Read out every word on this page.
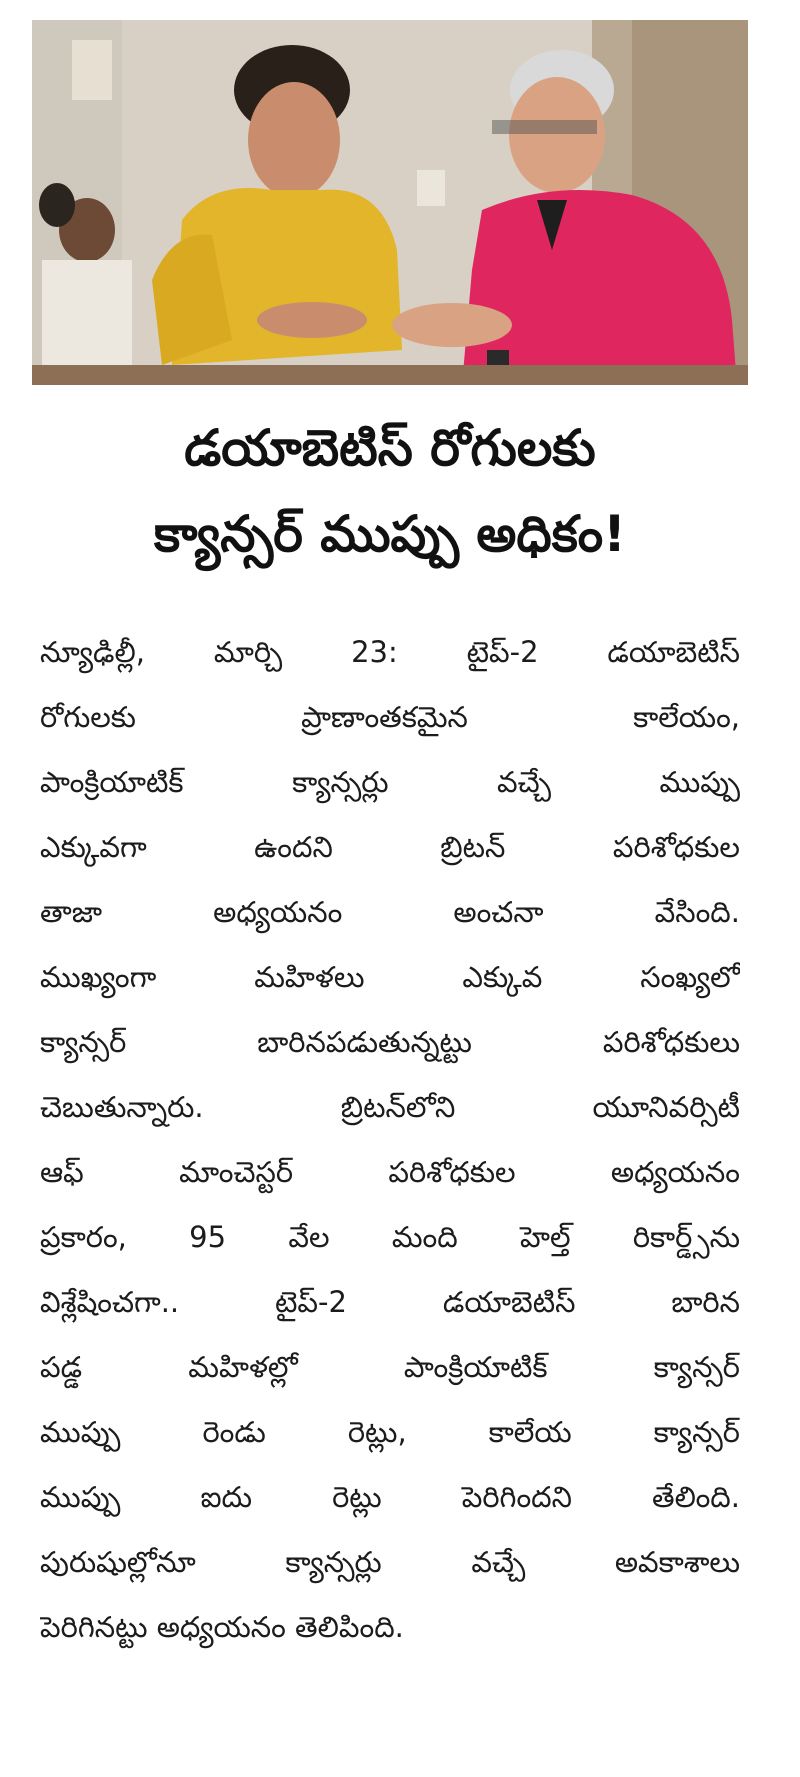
డయాబెటిస్ రోగులకు
క్యాన్సర్ ముప్పు అధికం!
న్యూఢిల్లీ, మార్చి 23: టైప్-2 డయాబెటిస్
రోగులకు ప్రాణాంతకమైన కాలేయం,
పాంక్రియాటిక్ క్యాన్సర్లు వచ్చే ముప్పు
ఎక్కువగా ఉందని బ్రిటన్ పరిశోధకుల
తాజా అధ్యయనం అంచనా వేసింది.
ముఖ్యంగా మహిళలు ఎక్కువ సంఖ్యలో
క్యాన్సర్ బారినపడుతున్నట్టు పరిశోధకులు
చెబుతున్నారు. బ్రిటన్‌లోని యూనివర్సిటీ
ఆఫ్ మాంచెస్టర్ పరిశోధకుల అధ్యయనం
ప్రకారం, 95 వేల మంది హెల్త్ రికార్డ్స్‌ను
విశ్లేషించగా.. టైప్-2 డయాబెటిస్ బారిన
పడ్డ మహిళల్లో పాంక్రియాటిక్ క్యాన్సర్
ముప్పు రెండు రెట్లు, కాలేయ క్యాన్సర్
ముప్పు ఐదు రెట్లు పెరిగిందని తేలింది.
పురుషుల్లోనూ క్యాన్సర్లు వచ్చే అవకాశాలు
పెరిగినట్టు అధ్యయనం తెలిపింది.
